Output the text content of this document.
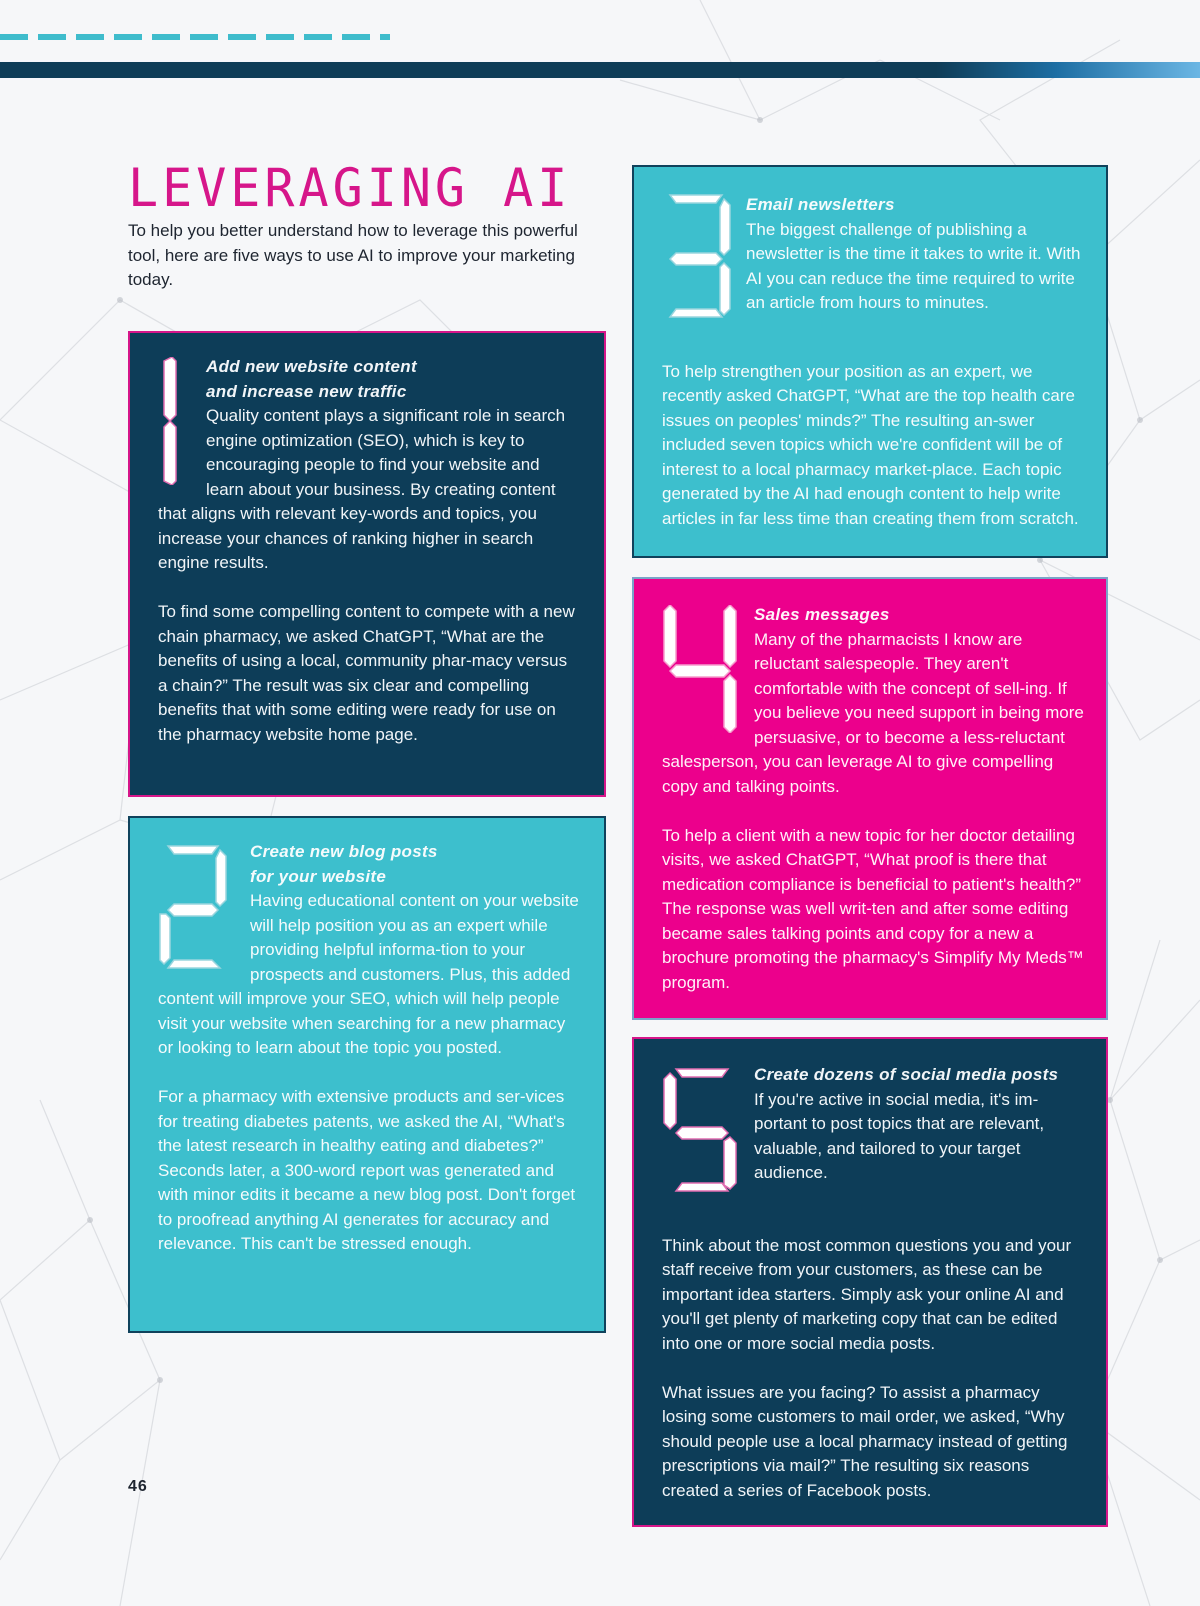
LEVERAGING AI

To help you better understand how to leverage this powerful tool, here are five ways to use AI to improve your marketing today.

Add new website content

and increase new traffic

Quality content plays a significant role in search engine optimization (SEO), which is key to encouraging people to find your website and learn about your business. By creating content that aligns with relevant key-words and topics, you increase your chances of ranking higher in search engine results.

To find some compelling content to compete with a new chain pharmacy, we asked ChatGPT, “What are the benefits of using a local, community phar-macy versus a chain?” The result was six clear and compelling benefits that with some editing were ready for use on the pharmacy website home page.

Create new blog posts

for your website

Having educational content on your website will help position you as an expert while providing helpful informa-tion to your prospects and customers. Plus, this added content will improve your SEO, which will help people visit your website when searching for a new pharmacy or looking to learn about the topic you posted.

For a pharmacy with extensive products and ser-vices for treating diabetes patents, we asked the AI, “What's the latest research in healthy eating and diabetes?” Seconds later, a 300-word report was generated and with minor edits it became a new blog post. Don't forget to proofread anything AI generates for accuracy and relevance. This can't be stressed enough.

Email newsletters

The biggest challenge of publishing a newsletter is the time it takes to write it. With AI you can reduce the time required to write an article from hours to minutes.

To help strengthen your position as an expert, we recently asked ChatGPT, “What are the top health care issues on peoples' minds?” The resulting an-swer included seven topics which we're confident will be of interest to a local pharmacy market-place. Each topic generated by the AI had enough content to help write articles in far less time than creating them from scratch.

Sales messages

Many of the pharmacists I know are reluctant salespeople. They aren't comfortable with the concept of sell-ing. If you believe you need support in being more persuasive, or to become a less-reluctant salesperson, you can leverage AI to give compelling copy and talking points.

To help a client with a new topic for her doctor detailing visits, we asked ChatGPT, “What proof is there that medication compliance is beneficial to patient's health?” The response was well writ-ten and after some editing became sales talking points and copy for a new a brochure promoting the pharmacy's Simplify My Meds™ program.

Create dozens of social media posts

If you're active in social media, it's im-portant to post topics that are relevant, valuable, and tailored to your target audience.

Think about the most common questions you and your staff receive from your customers, as these can be important idea starters. Simply ask your online AI and you'll get plenty of marketing copy that can be edited into one or more social media posts.

What issues are you facing? To assist a pharmacy losing some customers to mail order, we asked, “Why should people use a local pharmacy instead of getting prescriptions via mail?” The resulting six reasons created a series of Facebook posts.

46
